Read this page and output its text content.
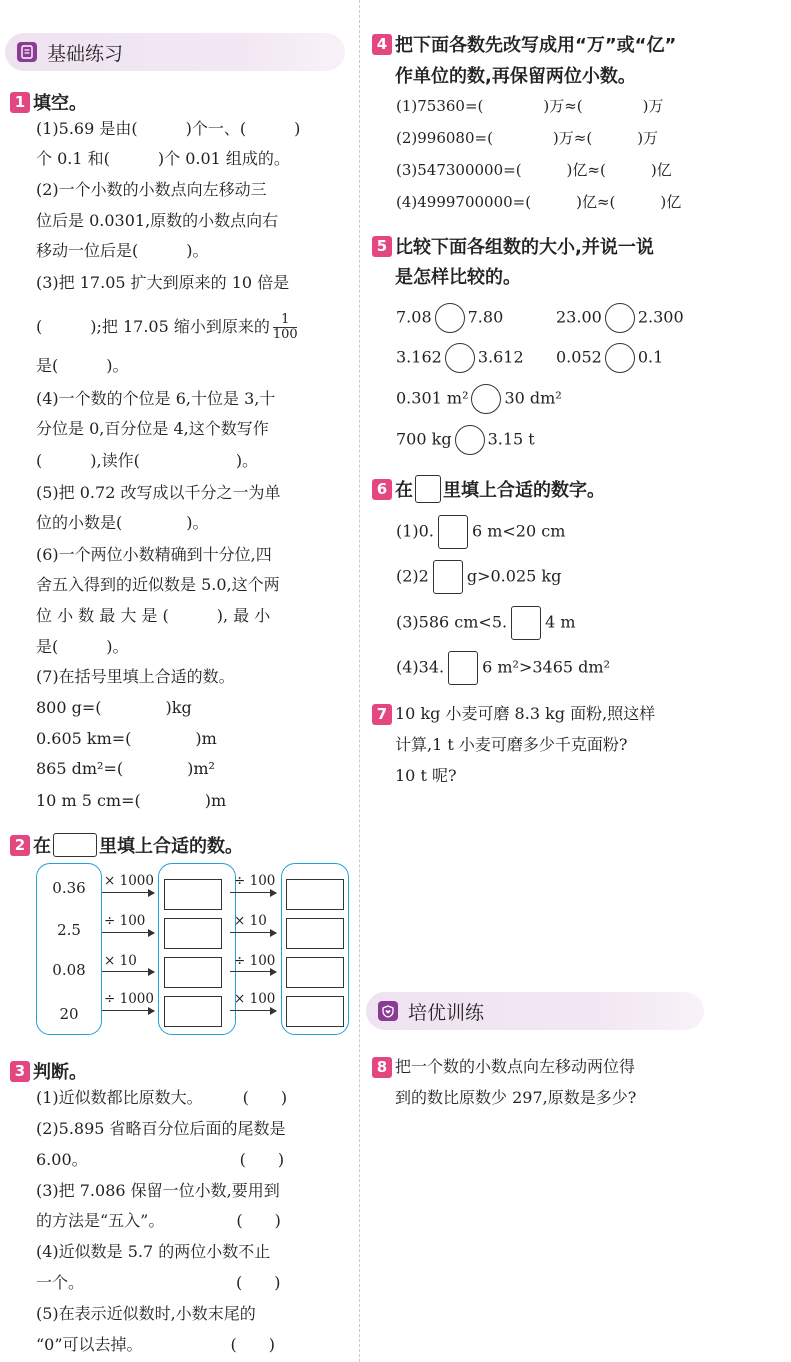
基础练习
1 填空。
(1)5.69 是由(　　　)个一、(　　　)
个 0.1 和(　　　)个 0.01 组成的。
(2)一个小数的小数点向左移动三
位后是 0.0301,原数的小数点向右
移动一位后是(　　　)。
(3)把 17.05 扩大到原来的 10 倍是
(　　　);把 17.05 缩小到原来的 $\frac{1}{100}$
是(　　　)。
(4)一个数的个位是 6,十位是 3,十
分位是 0,百分位是 4,这个数写作
(　　　),读作(　　　　　　)。
(5)把 0.72 改写成以千分之一为单
位的小数是(　　　　)。
(6)一个两位小数精确到十分位,四
舍五入得到的近似数是 5.0,这个两
位 小 数 最 大 是 (　　　), 最 小
是(　　　)。
(7)在括号里填上合适的数。
800 g=(　　　　)kg
0.605 km=(　　　　)m
865 dm²=(　　　　)m²
10 m 5 cm=(　　　　)m
2 在	里填上合适的数。
0.36
2.5
0.08
20
× 1000
÷ 100
× 10
÷ 1000
÷ 100
× 10
÷ 100
× 100
3 判断。
(1)近似数都比原数大。　　　(　　)
(2)5.895 省略百分位后面的尾数是
6.00。　　　　　　　　　　(　　)
(3)把 7.086 保留一位小数,要用到
的方法是“五入”。　　　　　(　　)
(4)近似数是 5.7 的两位小数不止
一个。　　　　　　　　　　(　　)
(5)在表示近似数时,小数末尾的
“0”可以去掉。　　　　　　(　　)
4 把下面各数先改写成用“万”或“亿”
作单位的数,再保留两位小数。
(1)75360=(　　　　)万≈(　　　　)万
(2)996080=(　　　　)万≈(　　　)万
(3)547300000=(　　　)亿≈(　　　)亿
(4)4999700000=(　　　)亿≈(　　　)亿
5 比较下面各组数的大小,并说一说
是怎样比较的。
7.08 7.80	23.00 2.300
3.162 3.612 0.052 0.1
0.301 m² 30 dm²
700 kg 3.15 t
6 在 里填上合适的数字。
(1)0. 6 m<20 cm
(2)2 g>0.025 kg
(3)586 cm<5. 4 m
(4)34. 6 m²>3465 dm²
7 10 kg 小麦可磨 8.3 kg 面粉,照这样
计算,1 t 小麦可磨多少千克面粉?
10 t 呢?
培优训练
8 把一个数的小数点向左移动两位得
到的数比原数少 297,原数是多少?
